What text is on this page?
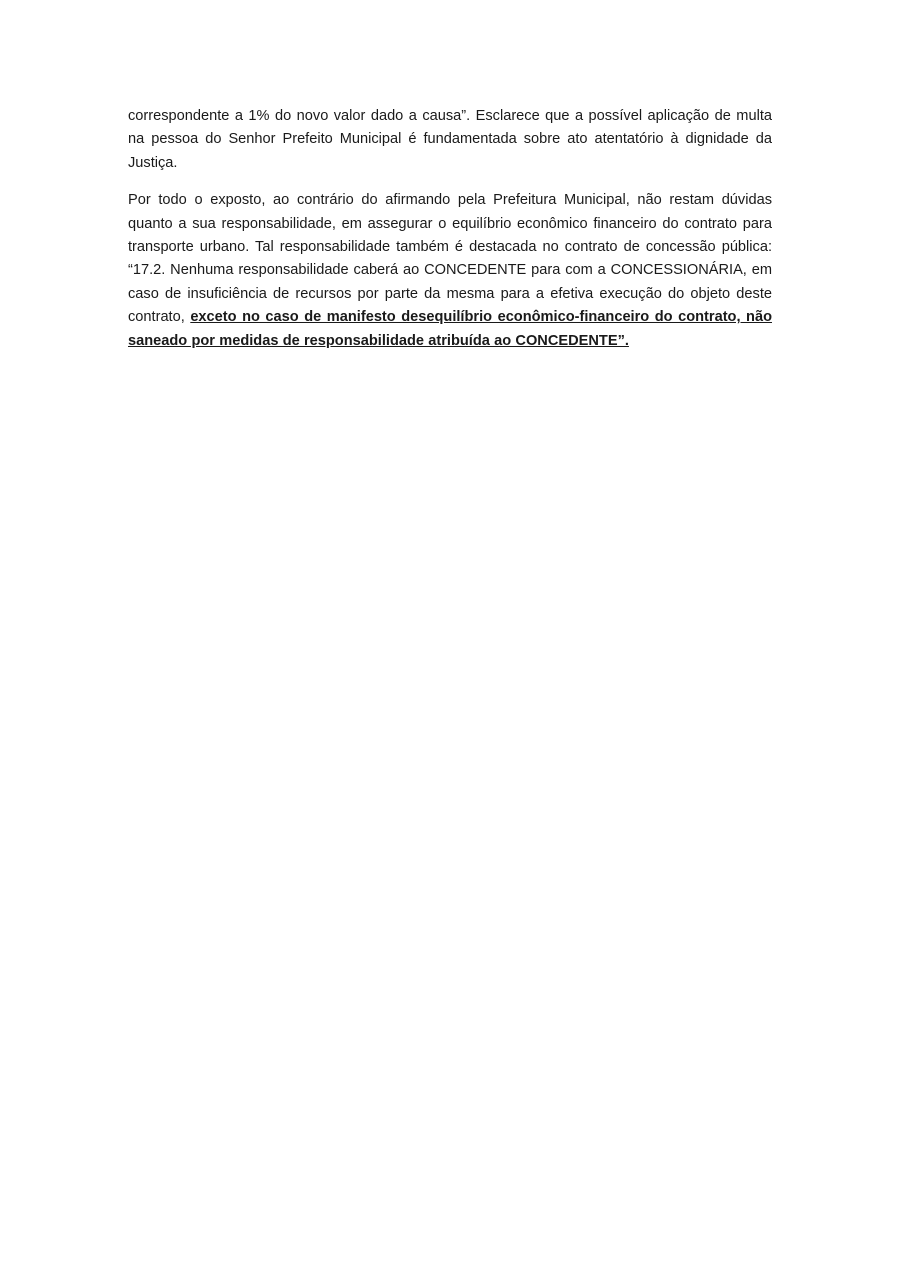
correspondente a 1% do novo valor dado a causa”. Esclarece que a possível aplicação de multa na pessoa do Senhor Prefeito Municipal é fundamentada sobre ato atentatório à dignidade da Justiça.

Por todo o exposto, ao contrário do afirmando pela Prefeitura Municipal, não restam dúvidas quanto a sua responsabilidade, em assegurar o equilíbrio econômico financeiro do contrato para transporte urbano. Tal responsabilidade também é destacada no contrato de concessão pública: “17.2. Nenhuma responsabilidade caberá ao CONCEDENTE para com a CONCESSIONÁRIA, em caso de insuficiência de recursos por parte da mesma para a efetiva execução do objeto deste contrato, exceto no caso de manifesto desequilíbrio econômico-financeiro do contrato, não saneado por medidas de responsabilidade atribuída ao CONCEDENTE”.
